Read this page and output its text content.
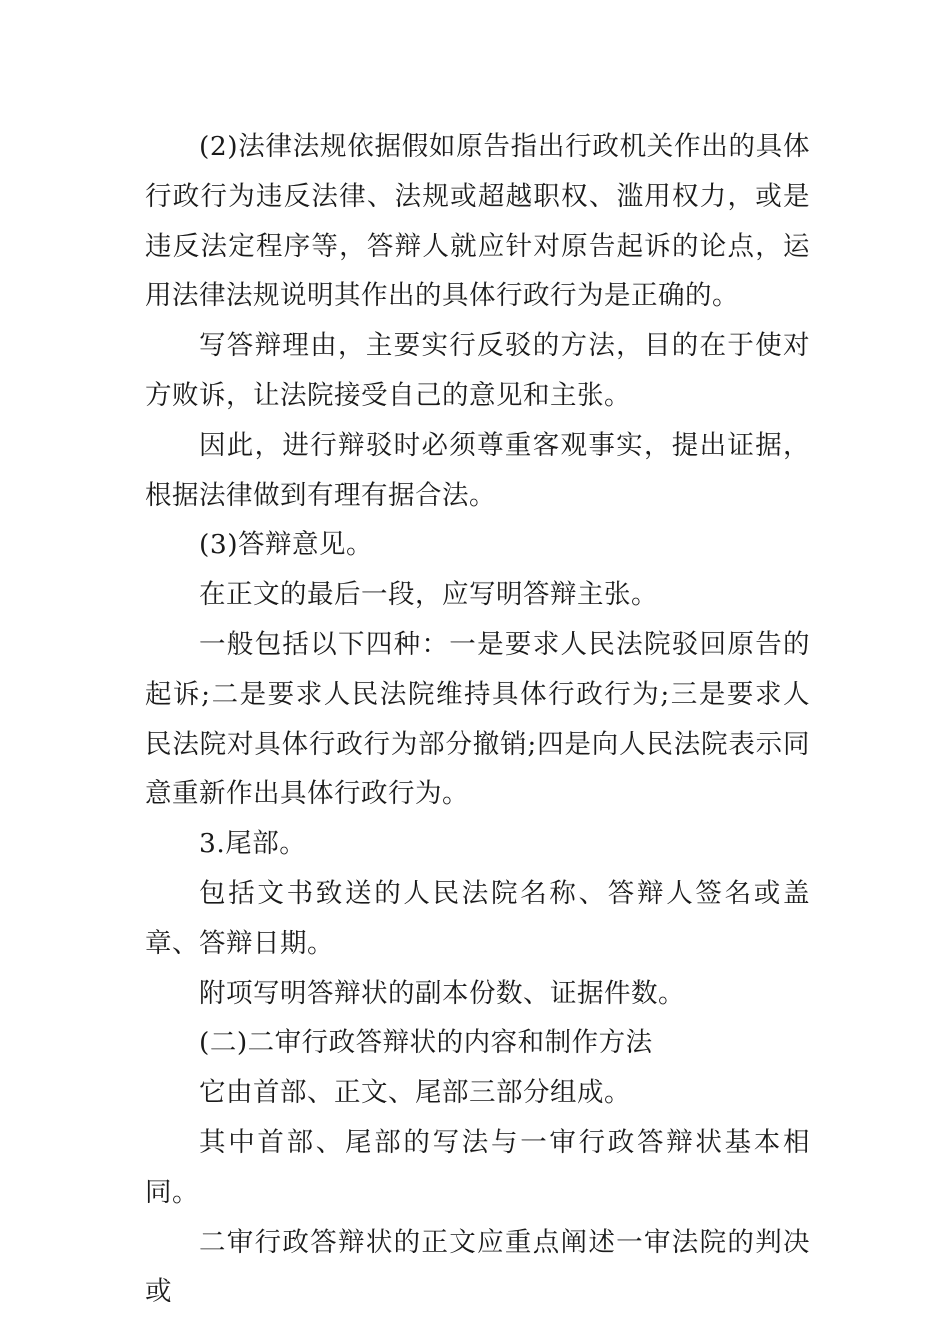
(2)法律法规依据假如原告指出行政机关作出的具体行政行为违反法律、法规或超越职权、滥用权力，或是违反法定程序等，答辩人就应针对原告起诉的论点，运用法律法规说明其作出的具体行政行为是正确的。

写答辩理由，主要实行反驳的方法，目的在于使对方败诉，让法院接受自己的意见和主张。

因此，进行辩驳时必须尊重客观事实，提出证据，根据法律做到有理有据合法。

(3)答辩意见。

在正文的最后一段，应写明答辩主张。

一般包括以下四种：一是要求人民法院驳回原告的起诉;二是要求人民法院维持具体行政行为;三是要求人民法院对具体行政行为部分撤销;四是向人民法院表示同意重新作出具体行政行为。

3.尾部。

包括文书致送的人民法院名称、答辩人签名或盖章、答辩日期。

附项写明答辩状的副本份数、证据件数。

(二)二审行政答辩状的内容和制作方法

它由首部、正文、尾部三部分组成。

其中首部、尾部的写法与一审行政答辩状基本相同。

二审行政答辩状的正文应重点阐述一审法院的判决或
